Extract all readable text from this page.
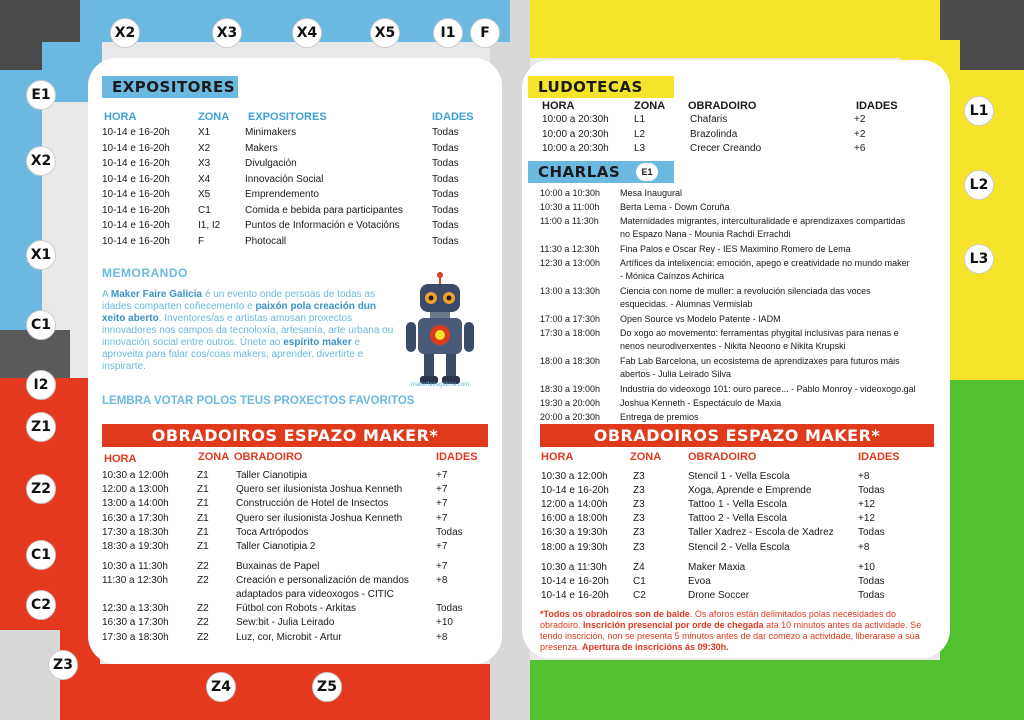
X2	X3	X4	X5	I1	F
E1
X2
X1
C1
I2
Z1
Z2
C1
C2
Z3
Z4	Z5
L1
L2
L3
EXPOSITORES
HORA	ZONA EXPOSITORES	IDADES
10-14 e 16-20h	X1	Minimakers	Todas
10-14 e 16-20h	X2	Makers	Todas
10-14 e 16-20h	X3	Divulgación	Todas
10-14 e 16-20h	X4	Innovación Social	Todas
10-14 e 16-20h	X5	Emprendemento	Todas
10-14 e 16-20h	C1	Comida e bebida para participantes	Todas
10-14 e 16-20h	I1, I2 Puntos de Información e Votacións	Todas
10-14 e 16-20h	F	Photocall	Todas
MEMORANDO
A Maker Faire Galicia é un evento onde persoas de todas as idades comparten coñecemento e paixón pola creación dun xeito aberto. Inventores/as e artistas amosan proxectos innovadores nos campos da tecnoloxía, artesanía, arte urbana ou innovación social entre outros. Únete ao espírito maker e aproveita para falar cos/coas makers, aprender, divertirte e inspirarte.
makerfairegalicia.com
LEMBRA VOTAR POLOS TEUS PROXECTOS FAVORITOS
OBRADOIROS ESPAZO MAKER*
HORA	ZONA OBRADOIRO	IDADES
10:30 a 12:00h	Z1	Taller Cianotipia	+7
12:00 a 13:00h	Z1	Quero ser ilusionista Joshua Kenneth	+7
13:00 a 14:00h	Z1	Construcción de Hotel de Insectos	+7
16:30 a 17:30h	Z1	Quero ser ilusionista Joshua Kenneth	+7
17:30 a 18:30h	Z1	Toca Artrópodos	Todas
18:30 a 19:30h	Z1	Taller Cianotipia 2	+7
10:30 a 11:30h	Z2	Buxainas de Papel	+7
11:30 a 12:30h	Z2	Creación e personalización de mandos
adaptados para videoxogos - CITIC
+8
12:30 a 13:30h	Z2	Fútbol con Robots - Arkitas	Todas
16:30 a 17:30h	Z2	Sew:bit - Julia Leirado	+10
17:30 a 18:30h	Z2	Luz, cor, Microbit - Artur	+8
LUDOTECAS
HORA	ZONA OBRADOIRO	IDADES
10:00 a 20:30h	L1	Chafaris	+2
10:00 a 20:30h	L2	Brazolinda	+2
10:00 a 20:30h	L3	Crecer Creando	+6
CHARLAS	E1
10:00 a 10:30h Mesa Inaugural
10:30 a 11:00h Berta Lema - Down Coruña
11:00 a 11:30h Maternidades migrantes, interculturalidade e aprendizaxes compartidas
no Espazo Nana - Mounia Rachdi Errachdi
11:30 a 12:30h Fina Palos e Oscar Rey - IES Maximino Romero de Lema
12:30 a 13:00h Artífices da intelixencia: emoción, apego e creatividade no mundo maker
- Mónica Caínzos Achirica
13:00 a 13:30h Ciencia con nome de muller: a revolución silenciada das voces
esquecidas. - Alumnas Vermislab
17:00 a 17:30h Open Source vs Modelo Patente - IADM
17:30 a 18:00h Do xogo ao movemento: ferramentas phygital inclusivas para nenas e
nenos neurodiverxentes - Nikita Neoono e Nikita Krupski
18:00 a 18:30h Fab Lab Barcelona, un ecosistema de aprendizaxes para futuros máis
abertos - Julia Leirado Silva
18:30 a 19:00h Industria do videoxogo 101: ouro parece... - Pablo Monroy - videoxogo.gal
19:30 a 20:00h Joshua Kenneth - Espectáculo de Maxia
20:00 a 20:30h Entrega de premios
OBRADOIROS ESPAZO MAKER*
HORA	ZONA OBRADOIRO	IDADES
10:30 a 12:00h	Z3	Stencil 1 - Vella Escola	+8
10-14 e 16-20h Z3	Xoga, Aprende e Emprende	Todas
12:00 a 14:00h	Z3	Tattoo 1 - Vella Escola	+12
16:00 a 18:00h	Z3	Tattoo 2 - Vella Escola	+12
16:30 a 19:30h	Z3	Taller Xadrez - Escola de Xadrez Todas
18:00 a 19:30h	Z3	Stencil 2 - Vella Escola	+8
10:30 a 11:30h	Z4	Maker Maxia	+10
10-14 e 16-20h C1	Evoa	Todas
10-14 e 16-20h C2	Drone Soccer	Todas
*Todos os obradoiros son de balde. Os aforos están delimitados polas necesidades do obradoiro. Inscrición presencial por orde de chegada ata 10 minutos antes da actividade. Se tendo inscrición, non se presenta 5 minutos antes de dar comezo a actividade, liberarase a súa presenza. Apertura de inscricións ás 09:30h.
